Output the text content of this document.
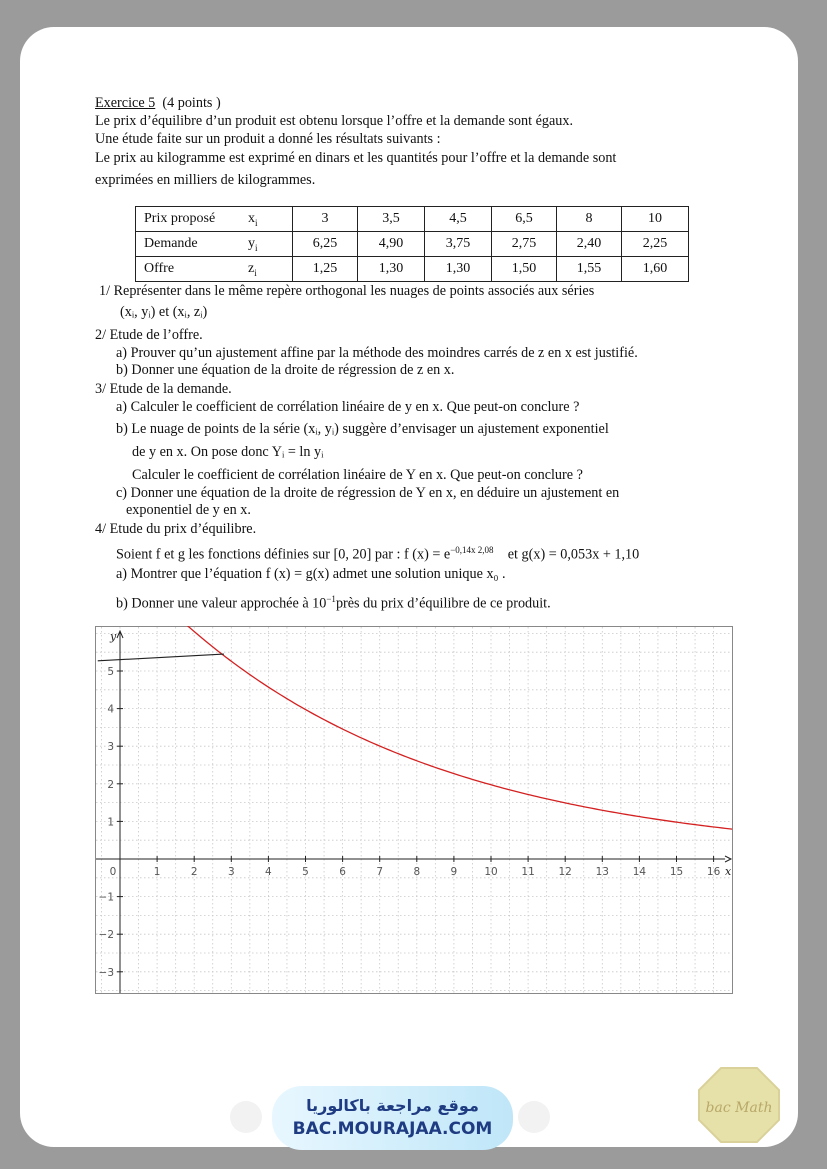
Exercice 5 (4 points )
Le prix d’équilibre d’un produit est obtenu lorsque l’offre et la demande sont égaux.
Une étude faite sur un produit a donné les résultats suivants :
Le prix au kilogramme est exprimé en dinars et les quantités pour l’offre et la demande sont
exprimées en milliers de kilogrammes.
Prix proposé $x_i$	3	3,5	4,5	6,5	8	10
Demande $y_i$	6,25	4,90	3,75	2,75	2,40	2,25
Offre $z_i$	1,25	1,30	1,30	1,50	1,55	1,60
1/ Représenter dans le même repère orthogonal les nuages de points associés aux séries
(xᵢ, yᵢ) et (xᵢ, zᵢ)
2/ Etude de l’offre.
a) Prouver qu’un ajustement affine par la méthode des moindres carrés de z en x est justifié.
b) Donner une équation de la droite de régression de z en x.
3/ Etude de la demande.
a) Calculer le coefficient de corrélation linéaire de y en x. Que peut-on conclure ?
b) Le nuage de points de la série (xᵢ, yᵢ) suggère d’envisager un ajustement exponentiel
de y en x. On pose donc Yᵢ = ln yᵢ
Calculer le coefficient de corrélation linéaire de Y en x. Que peut-on conclure ?
c) Donner une équation de la droite de régression de Y en x, en déduire un ajustement en
exponentiel de y en x.
4/ Etude du prix d’équilibre.
Soient f et g les fonctions définies sur [0, 20] par : f $(x) = e^{-0,14x 2,08}$ et g(x) = 0,053x + 1,10
a) Montrer que l’équation f (x) = g(x) admet une solution unique x₀ .
b) Donner une valeur approchée à $10^{-1}près$ du prix d’équilibre de ce produit.
x
y
0	1	2	3	4	5	6	7	8	9	10 11 12 13 14 15 16
−3
−2
−1
1
2
3
4
5
موقع مراجعة باكالوريا
BAC.MOURAJAA.COM
bac Math
